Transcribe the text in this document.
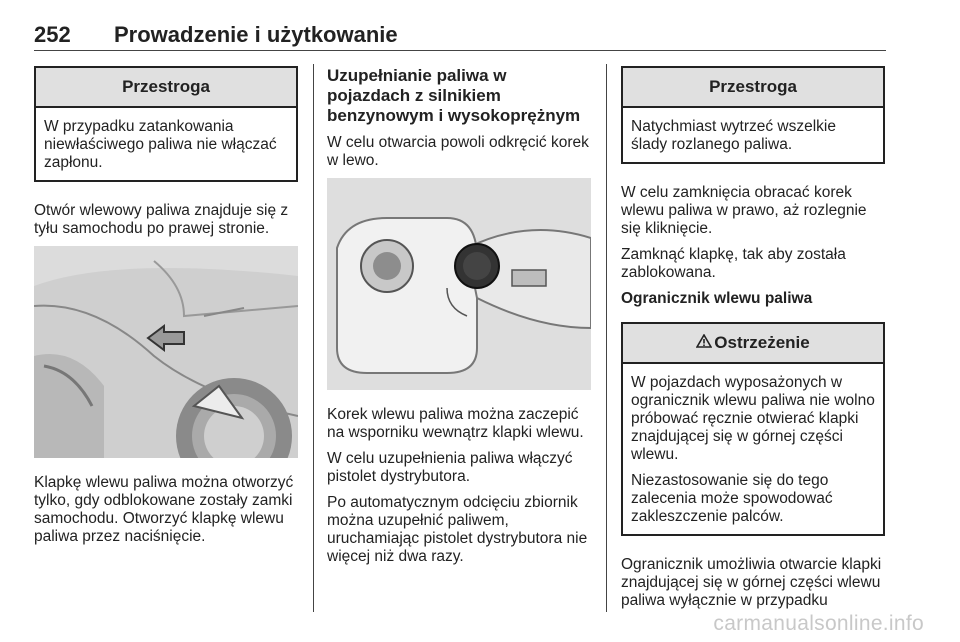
252 Prowadzenie i użytkowanie
Przestroga

W przypadku zatankowania niewłaściwego paliwa nie włączać zapłonu.

Otwór wlewowy paliwa znajduje się z tyłu samochodu po prawej stronie.

Klapkę wlewu paliwa można otworzyć tylko, gdy odblokowane zostały zamki samochodu. Otworzyć klapkę wlewu paliwa przez naciśnięcie.

Uzupełnianie paliwa w pojazdach z silnikiem benzynowym i wysokoprężnym

W celu otwarcia powoli odkręcić korek w lewo.

Korek wlewu paliwa można zaczepić na wsporniku wewnątrz klapki wlewu.

W celu uzupełnienia paliwa włączyć pistolet dystrybutora.

Po automatycznym odcięciu zbiornik można uzupełnić paliwem, uruchamiając pistolet dystrybutora nie więcej niż dwa razy.

Przestroga

Natychmiast wytrzeć wszelkie ślady rozlanego paliwa.

W celu zamknięcia obracać korek wlewu paliwa w prawo, aż rozlegnie się kliknięcie.

Zamknąć klapkę, tak aby została zablokowana.

Ogranicznik wlewu paliwa

Ostrzeżenie

W pojazdach wyposażonych w ogranicznik wlewu paliwa nie wolno próbować ręcznie otwierać klapki znajdującej się w górnej części wlewu.

Niezastosowanie się do tego zalecenia może spowodować zakleszczenie palców.

Ogranicznik umożliwia otwarcie klapki znajdującej się w górnej części wlewu paliwa wyłącznie w przypadku

carmanualsonline.info
